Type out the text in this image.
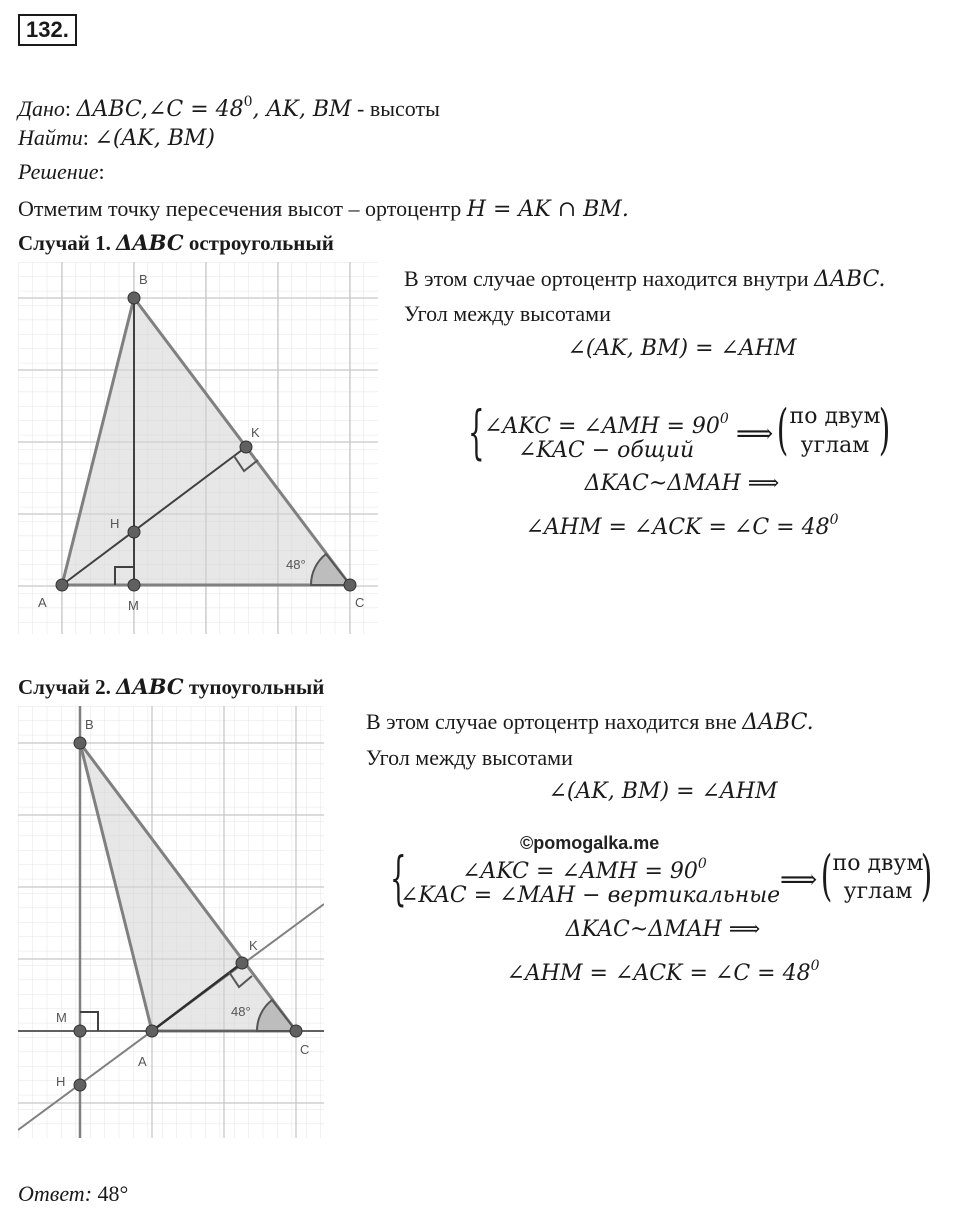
132.
Дано: ΔABC,∠C = $48^0$, AK, BM - высоты
Найти: ∠(AK, BM)
Решение:
Отметим точку пересечения высот – ортоцентр H = AK ∩ BM.
Случай 1. ΔABC остроугольный
B
K
H
A	M	C
48°
В этом случае ортоцентр находится внутри ΔABC.
Угол между высотами
∠(AK, BM) = ∠AHM
{ ∠AKC = ∠AMH = $90^0$
∠KAC − общий
⟹ ( по двум
углам )
ΔKAC~ΔMAH ⟹
∠AHM = ∠ACK = ∠C = $48^0$
Случай 2. ΔABC тупоугольный
B
K
M
A
C
H
48°
В этом случае ортоцентр находится вне ΔABC.
Угол между высотами
∠(AK, BM) = ∠AHM
©pomogalka.me
{	∠AKC = ∠AMH = $90^0$
∠KAC = ∠MAH − вертикальные
⟹ ( по двум
углам )
ΔKAC~ΔMAH ⟹
∠AHM = ∠ACK = ∠C = $48^0$
Ответ: 48°
